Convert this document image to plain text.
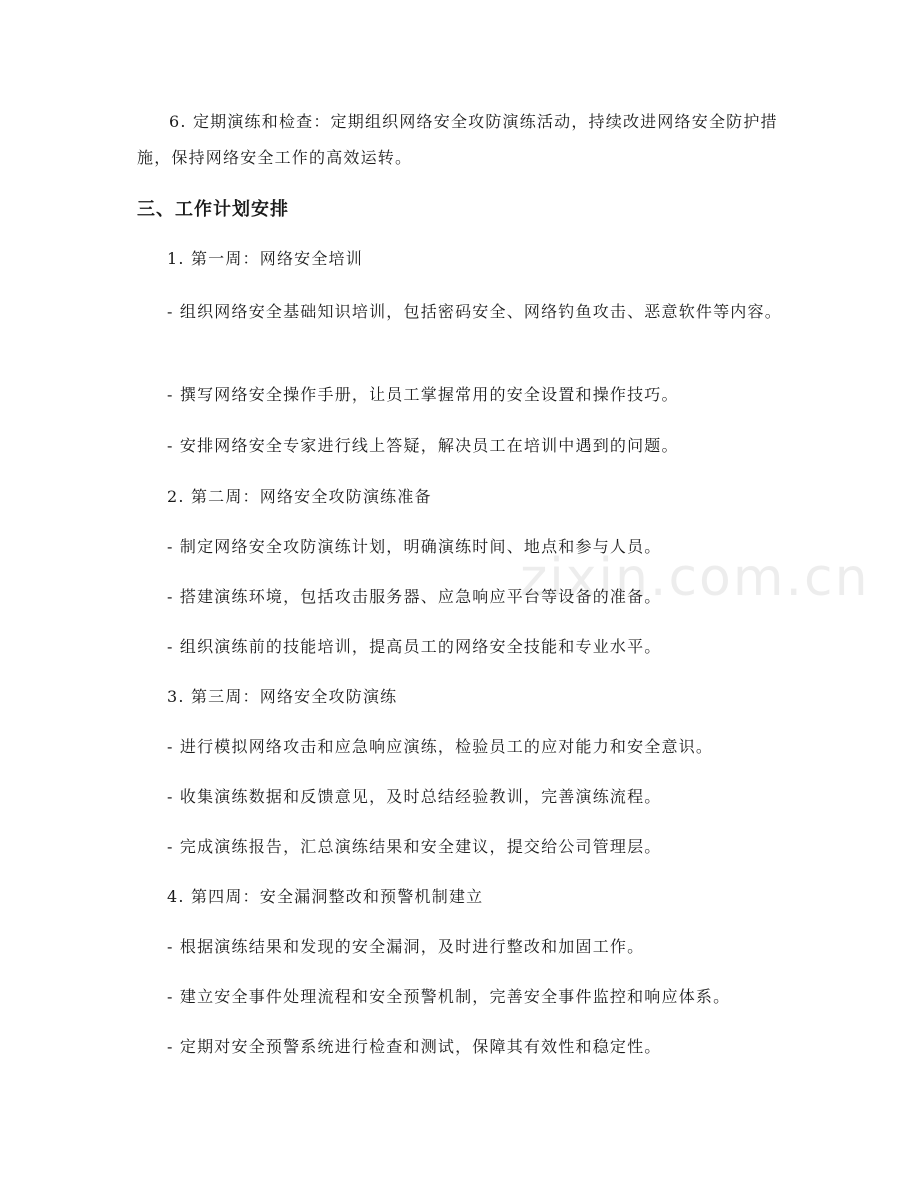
zixin.com.cn
6. 定期演练和检查：定期组织网络安全攻防演练活动，持续改进网络安全防护措施，保持网络安全工作的高效运转。
三、工作计划安排
1. 第一周：网络安全培训
- 组织网络安全基础知识培训，包括密码安全、网络钓鱼攻击、恶意软件等内容。
- 撰写网络安全操作手册，让员工掌握常用的安全设置和操作技巧。
- 安排网络安全专家进行线上答疑，解决员工在培训中遇到的问题。
2. 第二周：网络安全攻防演练准备
- 制定网络安全攻防演练计划，明确演练时间、地点和参与人员。
- 搭建演练环境，包括攻击服务器、应急响应平台等设备的准备。
- 组织演练前的技能培训，提高员工的网络安全技能和专业水平。
3. 第三周：网络安全攻防演练
- 进行模拟网络攻击和应急响应演练，检验员工的应对能力和安全意识。
- 收集演练数据和反馈意见，及时总结经验教训，完善演练流程。
- 完成演练报告，汇总演练结果和安全建议，提交给公司管理层。
4. 第四周：安全漏洞整改和预警机制建立
- 根据演练结果和发现的安全漏洞，及时进行整改和加固工作。
- 建立安全事件处理流程和安全预警机制，完善安全事件监控和响应体系。
- 定期对安全预警系统进行检查和测试，保障其有效性和稳定性。
